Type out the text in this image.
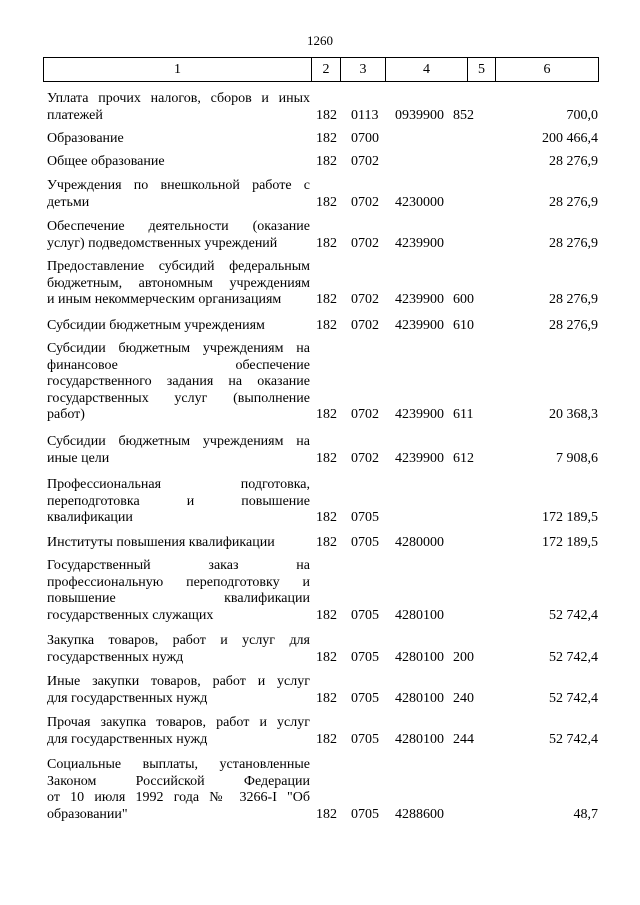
1260
1	2	3	4	5	6
Уплата прочих налогов, сборов и иных
платежей	182 0113 0939900 852	700,0
Образование	182 0700	200 466,4
Общее образование	182 0702	28 276,9
Учреждения по внешкольной работе с
детьми	182 0702 4230000	28 276,9
Обеспечение деятельности (оказание
услуг) подведомственных учреждений	182 0702 4239900	28 276,9
Предоставление субсидий федеральным
бюджетным, автономным учреждениям
и иным некоммерческим организациям	182 0702 4239900 600	28 276,9
Субсидии бюджетным учреждениям	182 0702 4239900 610	28 276,9
Субсидии бюджетным учреждениям на
финансовое обеспечение
государственного задания на оказание
государственных услуг (выполнение
работ)	182 0702 4239900 611	20 368,3
Субсидии бюджетным учреждениям на
иные цели	182 0702 4239900 612	7 908,6
Профессиональная подготовка,
переподготовка и повышение
квалификации	182 0705	172 189,5
Институты повышения квалификации	182 0705 4280000	172 189,5
Государственный заказ на
профессиональную переподготовку и
повышение квалификации
государственных служащих	182 0705 4280100	52 742,4
Закупка товаров, работ и услуг для
государственных нужд	182 0705 4280100 200	52 742,4
Иные закупки товаров, работ и услуг
для государственных нужд	182 0705 4280100 240	52 742,4
Прочая закупка товаров, работ и услуг
для государственных нужд	182 0705 4280100 244	52 742,4
Социальные выплаты, установленные
Законом Российской Федерации
от 10 июля 1992 года № 3266-I "Об
образовании"	182 0705 4288600	48,7
